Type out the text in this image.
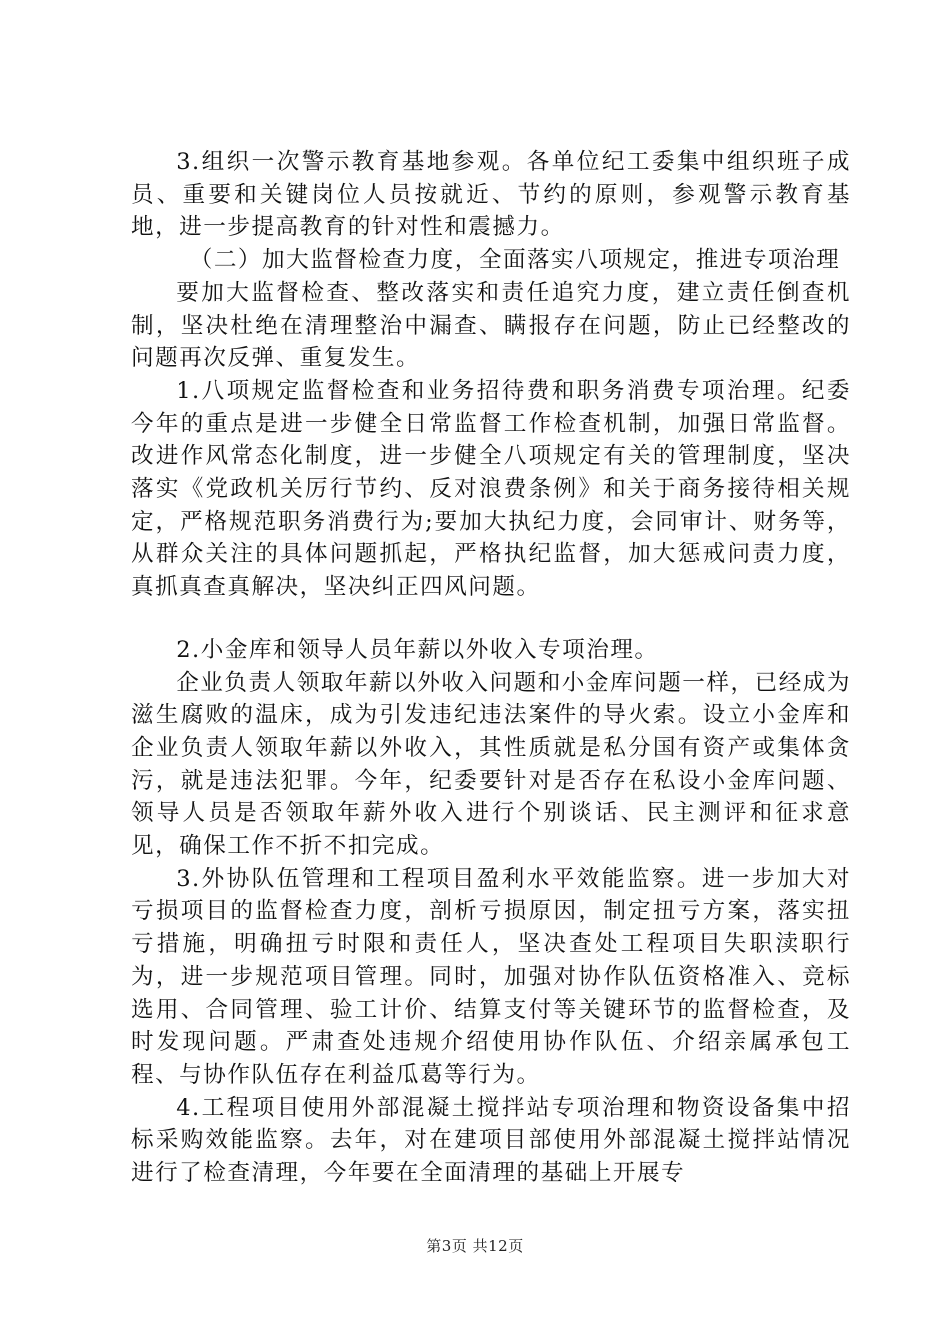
3.组织一次警示教育基地参观。各单位纪工委集中组织班子成员、重要和关键岗位人员按就近、节约的原则，参观警示教育基地，进一步提高教育的针对性和震撼力。

（二）加大监督检查力度，全面落实八项规定，推进专项治理

要加大监督检查、整改落实和责任追究力度，建立责任倒查机制，坚决杜绝在清理整治中漏查、瞒报存在问题，防止已经整改的问题再次反弹、重复发生。

1.八项规定监督检查和业务招待费和职务消费专项治理。纪委今年的重点是进一步健全日常监督工作检查机制，加强日常监督。改进作风常态化制度，进一步健全八项规定有关的管理制度，坚决落实《党政机关厉行节约、反对浪费条例》和关于商务接待相关规定，严格规范职务消费行为;要加大执纪力度，会同审计、财务等，从群众关注的具体问题抓起，严格执纪监督，加大惩戒问责力度，真抓真查真解决，坚决纠正四风问题。

2.小金库和领导人员年薪以外收入专项治理。

企业负责人领取年薪以外收入问题和小金库问题一样，已经成为滋生腐败的温床，成为引发违纪违法案件的导火索。设立小金库和企业负责人领取年薪以外收入，其性质就是私分国有资产或集体贪污，就是违法犯罪。今年，纪委要针对是否存在私设小金库问题、领导人员是否领取年薪外收入进行个别谈话、民主测评和征求意见，确保工作不折不扣完成。

3.外协队伍管理和工程项目盈利水平效能监察。进一步加大对亏损项目的监督检查力度，剖析亏损原因，制定扭亏方案，落实扭亏措施，明确扭亏时限和责任人，坚决查处工程项目失职渎职行为，进一步规范项目管理。同时，加强对协作队伍资格准入、竞标选用、合同管理、验工计价、结算支付等关键环节的监督检查，及时发现问题。严肃查处违规介绍使用协作队伍、介绍亲属承包工程、与协作队伍存在利益瓜葛等行为。

4.工程项目使用外部混凝土搅拌站专项治理和物资设备集中招标采购效能监察。去年，对在建项目部使用外部混凝土搅拌站情况进行了检查清理，今年要在全面清理的基础上开展专

第3页 共12页
